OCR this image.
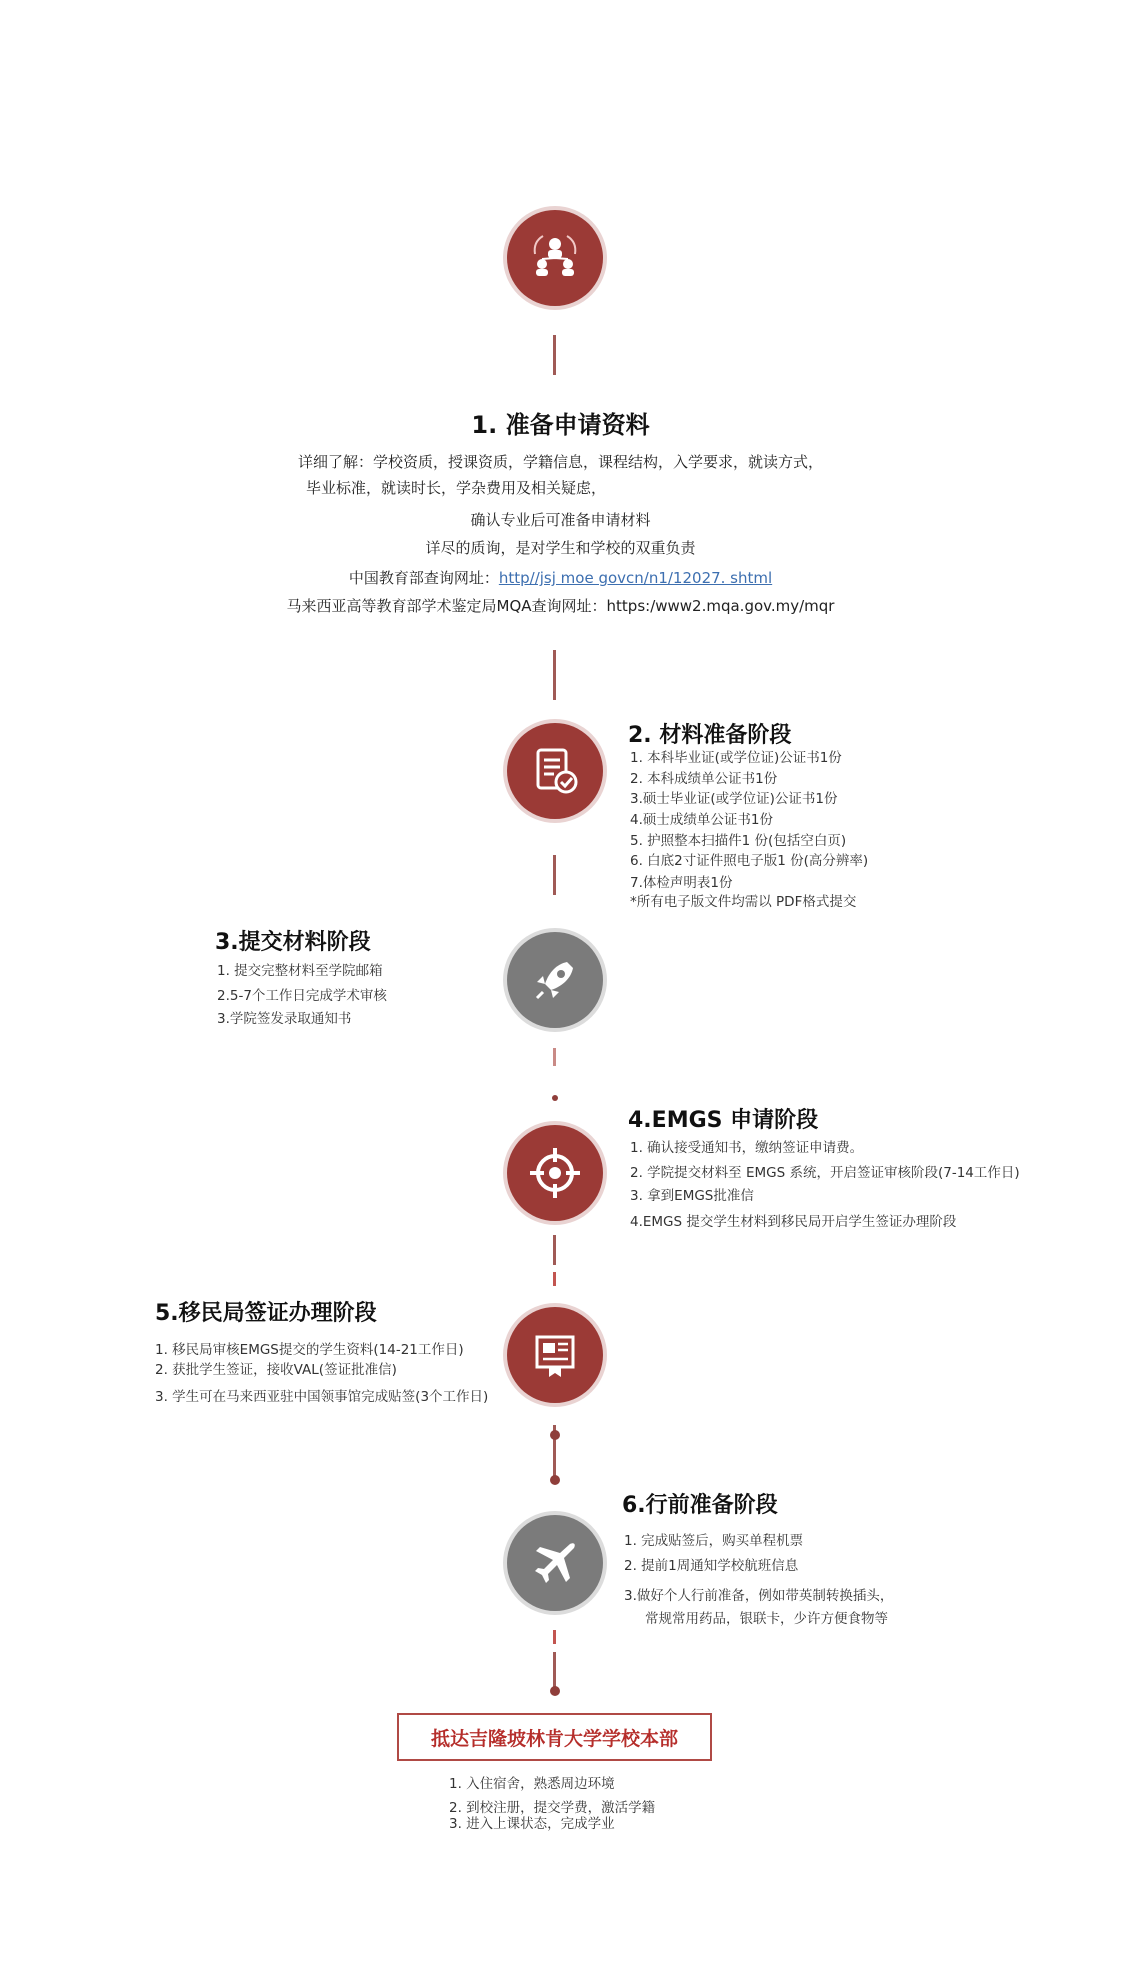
1. 准备申请资料
详细了解：学校资质，授课资质，学籍信息，课程结构，入学要求，就读方式，
毕业标准，就读时长，学杂费用及相关疑虑，
确认专业后可准备申请材料
详尽的质询，是对学生和学校的双重负责
中国教育部查询网址：http//jsj moe govcn/n1/12027. shtml
马来西亚高等教育部学术鉴定局MQA查询网址：https:/www2.mqa.gov.my/mqr
2. 材料准备阶段
1. 本科毕业证(或学位证)公证书1份
2. 本科成绩单公证书1份
3.硕士毕业证(或学位证)公证书1份
4.硕士成绩单公证书1份
5. 护照整本扫描件1 份(包括空白页)
6. 白底2寸证件照电子版1 份(高分辨率)
7.体检声明表1份
*所有电子版文件均需以 PDF格式提交
3.提交材料阶段
1. 提交完整材料至学院邮箱
2.5-7个工作日完成学术审核
3.学院签发录取通知书
4.EMGS 申请阶段
1. 确认接受通知书，缴纳签证申请费。
2. 学院提交材料至 EMGS 系统，开启签证审核阶段(7-14工作日)
3. 拿到EMGS批准信
4.EMGS 提交学生材料到移民局开启学生签证办理阶段
5.移民局签证办理阶段
1. 移民局审核EMGS提交的学生资料(14-21工作日)
2. 获批学生签证，接收VAL(签证批准信)
3. 学生可在马来西亚驻中国领事馆完成贴签(3个工作日)
6.行前准备阶段
1. 完成贴签后，购买单程机票
2. 提前1周通知学校航班信息
3.做好个人行前准备，例如带英制转换插头，
常规常用药品，银联卡，少许方便食物等
抵达吉隆坡林肯大学学校本部
1. 入住宿舍，熟悉周边环境
2. 到校注册，提交学费，激活学籍
3. 进入上课状态，完成学业
